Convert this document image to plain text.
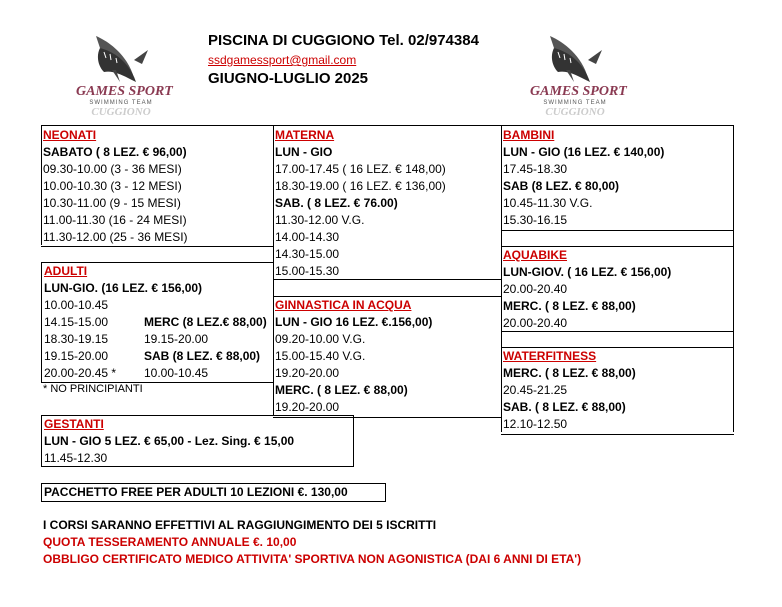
PISCINA DI CUGGIONO Tel. 02/974384
ssdgamessport@gmail.com
GIUGNO-LUGLIO 2025
GAMES SPORT
SWIMMING TEAM
CUGGIONO
GAMES SPORT
SWIMMING TEAM
CUGGIONO
NEONATI
SABATO ( 8 LEZ. € 96,00)
09.30-10.00 (3 - 36 MESI)
10.00-10.30 (3 - 12 MESI)
10.30-11.00 (9 - 15 MESI)
11.00-11.30 (16 - 24 MESI)
11.30-12.00 (25 - 36 MESI)
ADULTI
LUN-GIO. (16 LEZ. € 156,00)
10.00-10.45
14.15-15.00
18.30-19.15
19.15-20.00
20.00-20.45 *
MERC (8 LEZ.€ 88,00)
19.15-20.00
SAB (8 LEZ. € 88,00)
10.00-10.45
* NO PRINCIPIANTI
MATERNA
LUN - GIO
17.00-17.45 ( 16 LEZ. € 148,00)
18.30-19.00 ( 16 LEZ. € 136,00)
SAB. ( 8 LEZ. € 76.00)
11.30-12.00 V.G.
14.00-14.30
14.30-15.00
15.00-15.30
GINNASTICA IN ACQUA
LUN - GIO 16 LEZ. €.156,00)
09.20-10.00 V.G.
15.00-15.40 V.G.
19.20-20.00
MERC. ( 8 LEZ. € 88,00)
19.20-20.00
BAMBINI
LUN - GIO (16 LEZ. € 140,00)
17.45-18.30
SAB (8 LEZ. € 80,00)
10.45-11.30 V.G.
15.30-16.15
AQUABIKE
LUN-GIOV. ( 16 LEZ. € 156,00)
20.00-20.40
MERC. ( 8 LEZ. € 88,00)
20.00-20.40
WATERFITNESS
MERC. ( 8 LEZ. € 88,00)
20.45-21.25
SAB. ( 8 LEZ. € 88,00)
12.10-12.50
GESTANTI
LUN - GIO 5 LEZ. € 65,00 - Lez. Sing. € 15,00
11.45-12.30
PACCHETTO FREE PER ADULTI 10 LEZIONI €. 130,00
I CORSI SARANNO EFFETTIVI AL RAGGIUNGIMENTO DEI 5 ISCRITTI
QUOTA TESSERAMENTO ANNUALE €. 10,00
OBBLIGO CERTIFICATO MEDICO ATTIVITA' SPORTIVA NON AGONISTICA (DAI 6 ANNI DI ETA')
